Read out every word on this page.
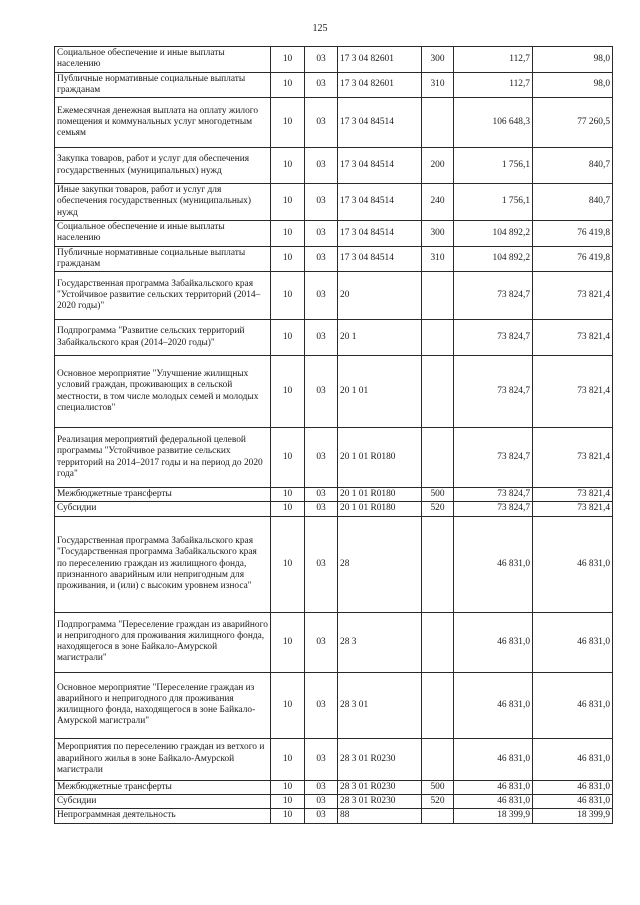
125
Социальное обеспечение и иные выплаты населению	10	03	17 3 04 82601	300	112,7	98,0
Публичные нормативные социальные выплаты гражданам	10	03	17 3 04 82601	310	112,7	98,0
Ежемесячная денежная выплата на оплату жилого помещения и коммунальных услуг многодетным семьям	10	03	17 3 04 84514		106 648,3	77 260,5
Закупка товаров, работ и услуг для обеспечения государственных (муниципальных) нужд	10	03	17 3 04 84514	200	1 756,1	840,7
Иные закупки товаров, работ и услуг для обеспечения государственных (муниципальных) нужд	10	03	17 3 04 84514	240	1 756,1	840,7
Социальное обеспечение и иные выплаты населению	10	03	17 3 04 84514	300	104 892,2	76 419,8
Публичные нормативные социальные выплаты гражданам	10	03	17 3 04 84514	310	104 892,2	76 419,8
Государственная программа Забайкальского края "Устойчивое развитие сельских территорий (2014–2020 годы)"	10	03	20		73 824,7	73 821,4
Подпрограмма "Развитие сельских территорий Забайкальского края (2014–2020 годы)"	10	03	20 1		73 824,7	73 821,4
Основное мероприятие "Улучшение жилищных условий граждан, проживающих в сельской местности, в том числе молодых семей и молодых специалистов"	10	03	20 1 01		73 824,7	73 821,4
Реализация мероприятий федеральной целевой программы "Устойчивое развитие сельских территорий на 2014–2017 годы и на период до 2020 года"	10	03	20 1 01 R0180		73 824,7	73 821,4
Межбюджетные трансферты	10	03	20 1 01 R0180	500	73 824,7	73 821,4
Субсидии	10	03	20 1 01 R0180	520	73 824,7	73 821,4
Государственная программа Забайкальского края "Государственная программа Забайкальского края по переселению граждан из жилищного фонда, признанного аварийным или непригодным для проживания, и (или) с высоким уровнем износа"	10	03	28		46 831,0	46 831,0
Подпрограмма "Переселение граждан из аварийного и непригодного для проживания жилищного фонда, находящегося в зоне Байкало-Амурской магистрали"	10	03	28 3		46 831,0	46 831,0
Основное мероприятие "Переселение граждан из аварийного и непригодного для проживания жилищного фонда, находящегося в зоне Байкало-Амурской магистрали"	10	03	28 3 01		46 831,0	46 831,0
Мероприятия по переселению граждан из ветхого и аварийного жилья в зоне Байкало-Амурской магистрали	10	03	28 3 01 R0230		46 831,0	46 831,0
Межбюджетные трансферты	10	03	28 3 01 R0230	500	46 831,0	46 831,0
Субсидии	10	03	28 3 01 R0230	520	46 831,0	46 831,0
Непрограммная деятельность	10	03	88		18 399,9	18 399,9
